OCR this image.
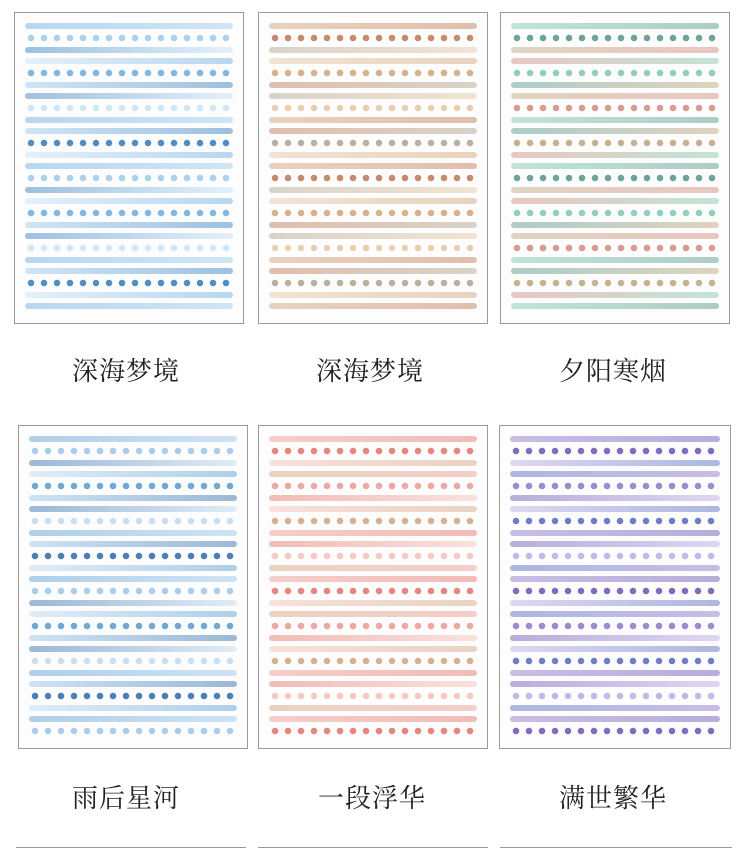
深海梦境	深海梦境	夕阳寒烟
雨后星河	一段浮华	满世繁华
